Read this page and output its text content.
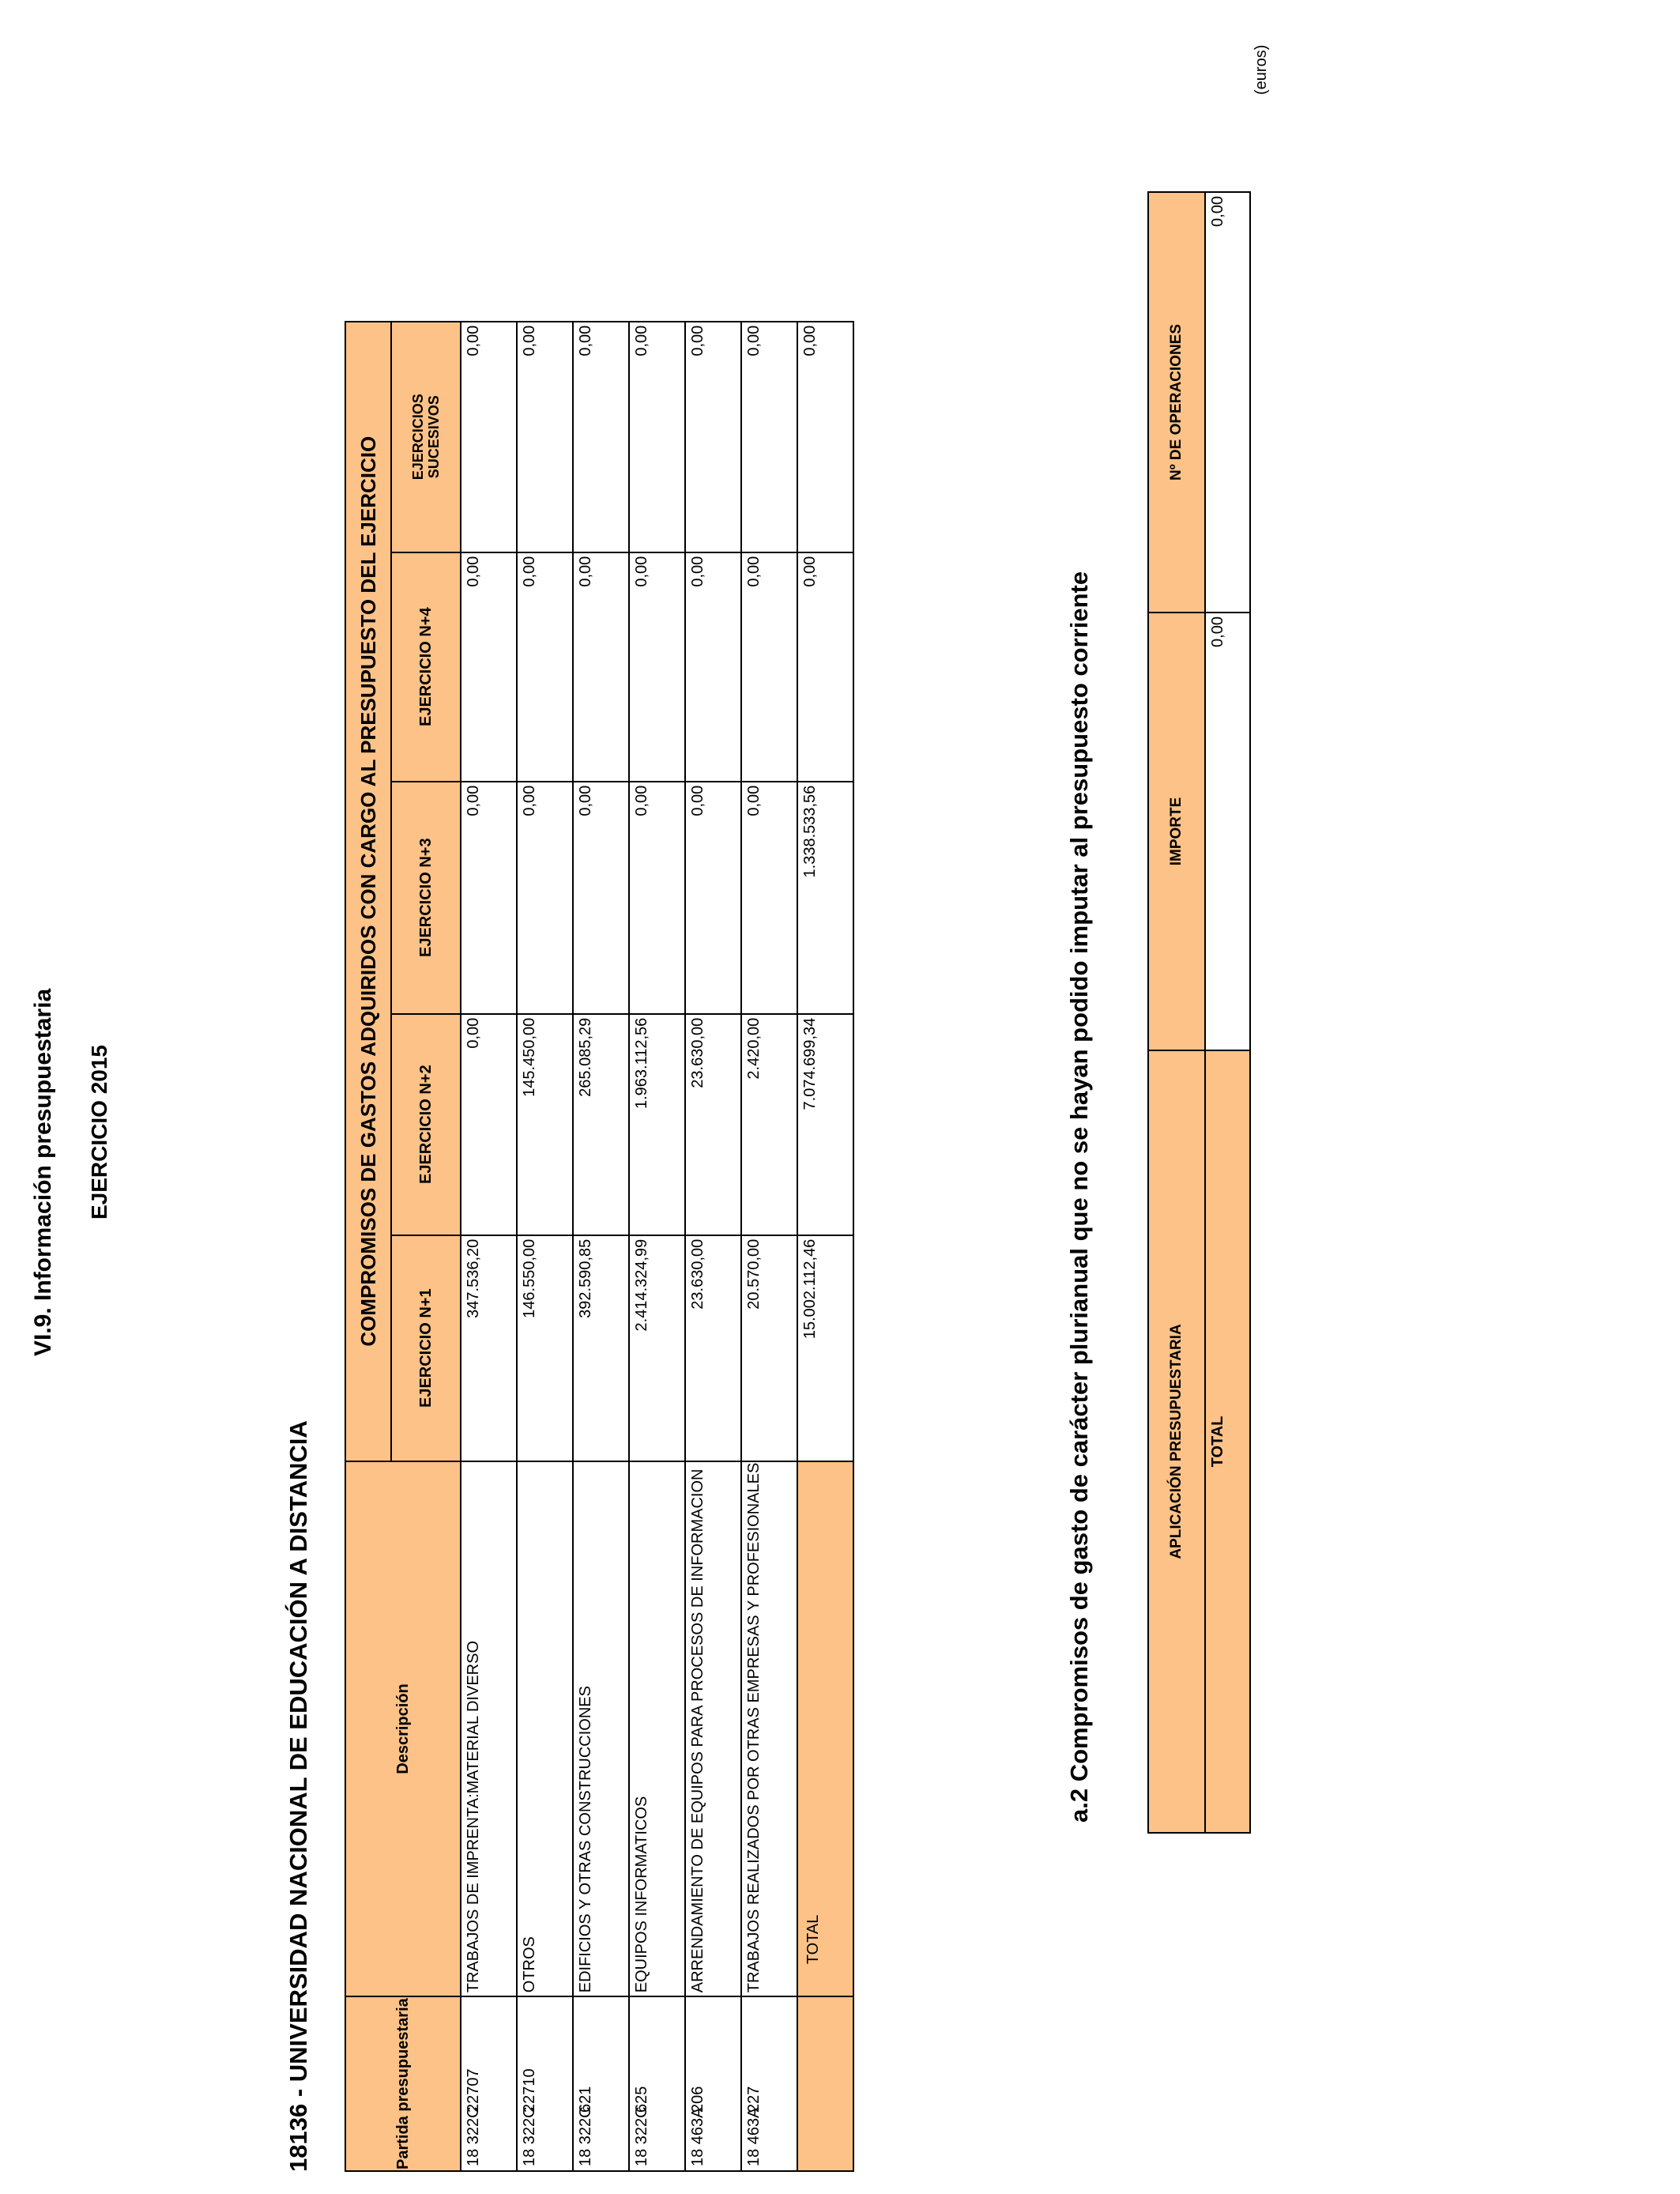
VI.9. Información presupuestaria EJERCICIO 2015
18136 - UNIVERSIDAD NACIONAL DE EDUCACIÓN A DISTANCIA
(euros)
Partida presupuestaria	Descripción	COMPROMISOS DE GASTOS ADQUIRIDOS CON CARGO AL PRESUPUESTO DEL EJERCICIO				
		EJERCICIO N+1	EJERCICIO N+2	EJERCICIO N+3	EJERCICIO N+4	EJERCICIOS SUCESIVOS

18 322C22707	TRABAJOS DE IMPRENTA:MATERIAL DIVERSO	347.536,20	0,00	0,00	0,00	0,00
18 322C22710	OTROS	146.550,00	145.450,00	0,00	0,00	0,00
18 322C621	EDIFICIOS Y OTRAS CONSTRUCCIONES	392.590,85	265.085,29	0,00	0,00	0,00
18 322C625	EQUIPOS INFORMATICOS	2.414.324,99	1.963.112,56	0,00	0,00	0,00
18 463A206	ARRENDAMIENTO DE EQUIPOS PARA PROCESOS DE INFORMACION	23.630,00	23.630,00	0,00	0,00	0,00
18 463A227	TRABAJOS REALIZADOS POR OTRAS EMPRESAS Y PROFESIONALES	20.570,00	2.420,00	0,00	0,00	0,00
	TOTAL	15.002.112,46	7.074.699,34	1.338.533,56	0,00	0,00
a.2 Compromisos de gasto de carácter plurianual que no se hayan podido imputar al presupuesto corriente	APLICACIÓN PRESUPUESTARIA	IMPORTE	Nº DE OPERACIONES
TOTAL	0,00	0,00
